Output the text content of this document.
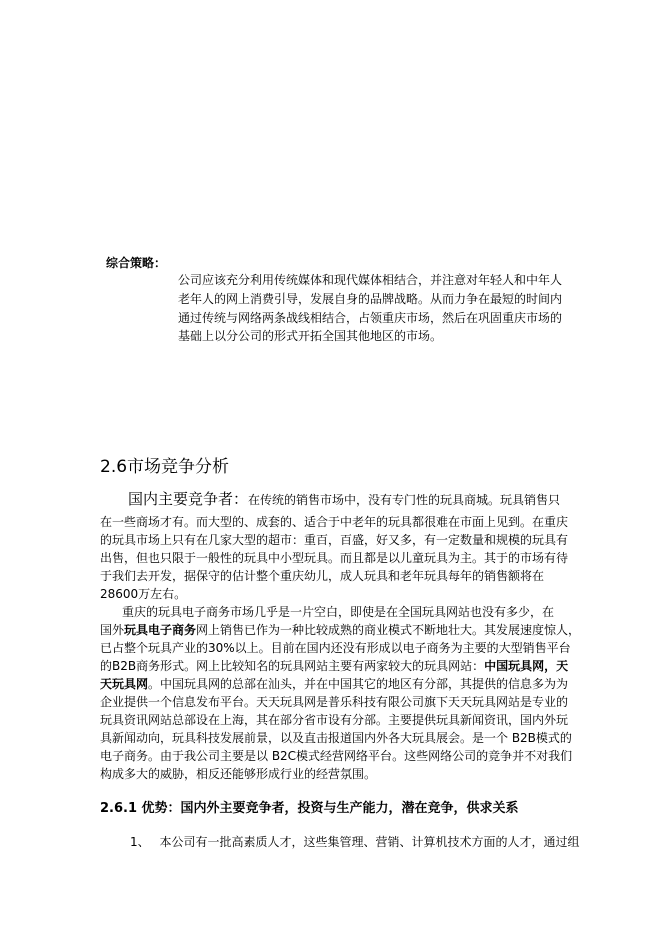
综合策略：
公司应该充分利用传统媒体和现代媒体相结合，并注意对年轻人和中年人
老年人的网上消费引导，发展自身的品牌战略。从而力争在最短的时间内
通过传统与网络两条战线相结合，占领重庆市场，然后在巩固重庆市场的
基础上以分公司的形式开拓全国其他地区的市场。
2.6市场竞争分析
国内主要竞争者：在传统的销售市场中，没有专门性的玩具商城。玩具销售只
在一些商场才有。而大型的、成套的、适合于中老年的玩具都很难在市面上见到。在重庆
的玩具市场上只有在几家大型的超市：重百，百盛，好又多，有一定数量和规模的玩具有
出售，但也只限于一般性的玩具中小型玩具。而且都是以儿童玩具为主。其于的市场有待
于我们去开发，据保守的估计整个重庆幼儿，成人玩具和老年玩具每年的销售额将在
28600万左右。
重庆的玩具电子商务市场几乎是一片空白，即使是在全国玩具网站也没有多少，在
国外玩具电子商务网上销售已作为一种比较成熟的商业模式不断地壮大。其发展速度惊人，
已占整个玩具产业的30%以上。目前在国内还没有形成以电子商务为主要的大型销售平台
的B2B商务形式。网上比较知名的玩具网站主要有两家较大的玩具网站：中国玩具网，天
天玩具网。中国玩具网的总部在汕头，并在中国其它的地区有分部，其提供的信息多为为
企业提供一个信息发布平台。天天玩具网是普乐科技有限公司旗下天天玩具网站是专业的
玩具资讯网站总部设在上海，其在部分省市设有分部。主要提供玩具新闻资讯，国内外玩
具新闻动向，玩具科技发展前景，以及直击报道国内外各大玩具展会。是一个 B2B模式的
电子商务。由于我公司主要是以 B2C模式经营网络平台。这些网络公司的竞争并不对我们
构成多大的威胁，相反还能够形成行业的经营氛围。
2.6.1 优势：国内外主要竞争者，投资与生产能力，潜在竞争，供求关系
1、 本公司有一批高素质人才，这些集管理、营销、计算机技术方面的人才，通过组
